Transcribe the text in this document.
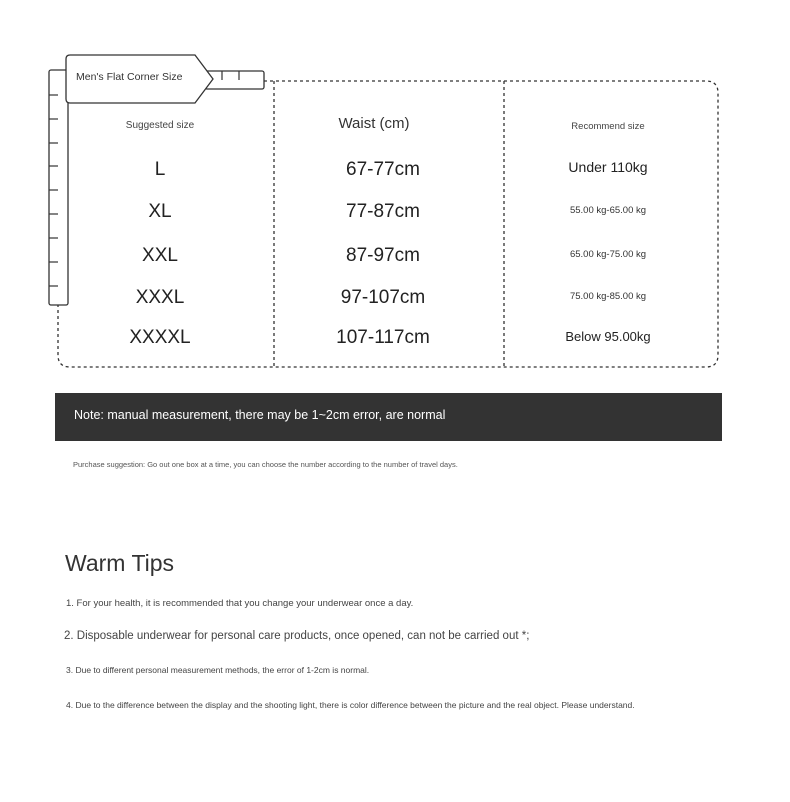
Men's Flat Corner Size
Suggested size	Waist (cm)	Recommend size
L	67-77cm	Under 110kg
XL	77-87cm	55.00 kg-65.00 kg
XXL	87-97cm	65.00 kg-75.00 kg
XXXL	97-107cm	75.00 kg-85.00 kg
XXXXL	107-117cm	Below 95.00kg
Note: manual measurement, there may be 1~2cm error, are normal
Purchase suggestion: Go out one box at a time, you can choose the number according to the number of travel days.
Warm Tips
1. For your health, it is recommended that you change your underwear once a day.
2. Disposable underwear for personal care products, once opened, can not be carried out *;
3. Due to different personal measurement methods, the error of 1-2cm is normal.
4. Due to the difference between the display and the shooting light, there is color difference between the picture and the real object. Please understand.
